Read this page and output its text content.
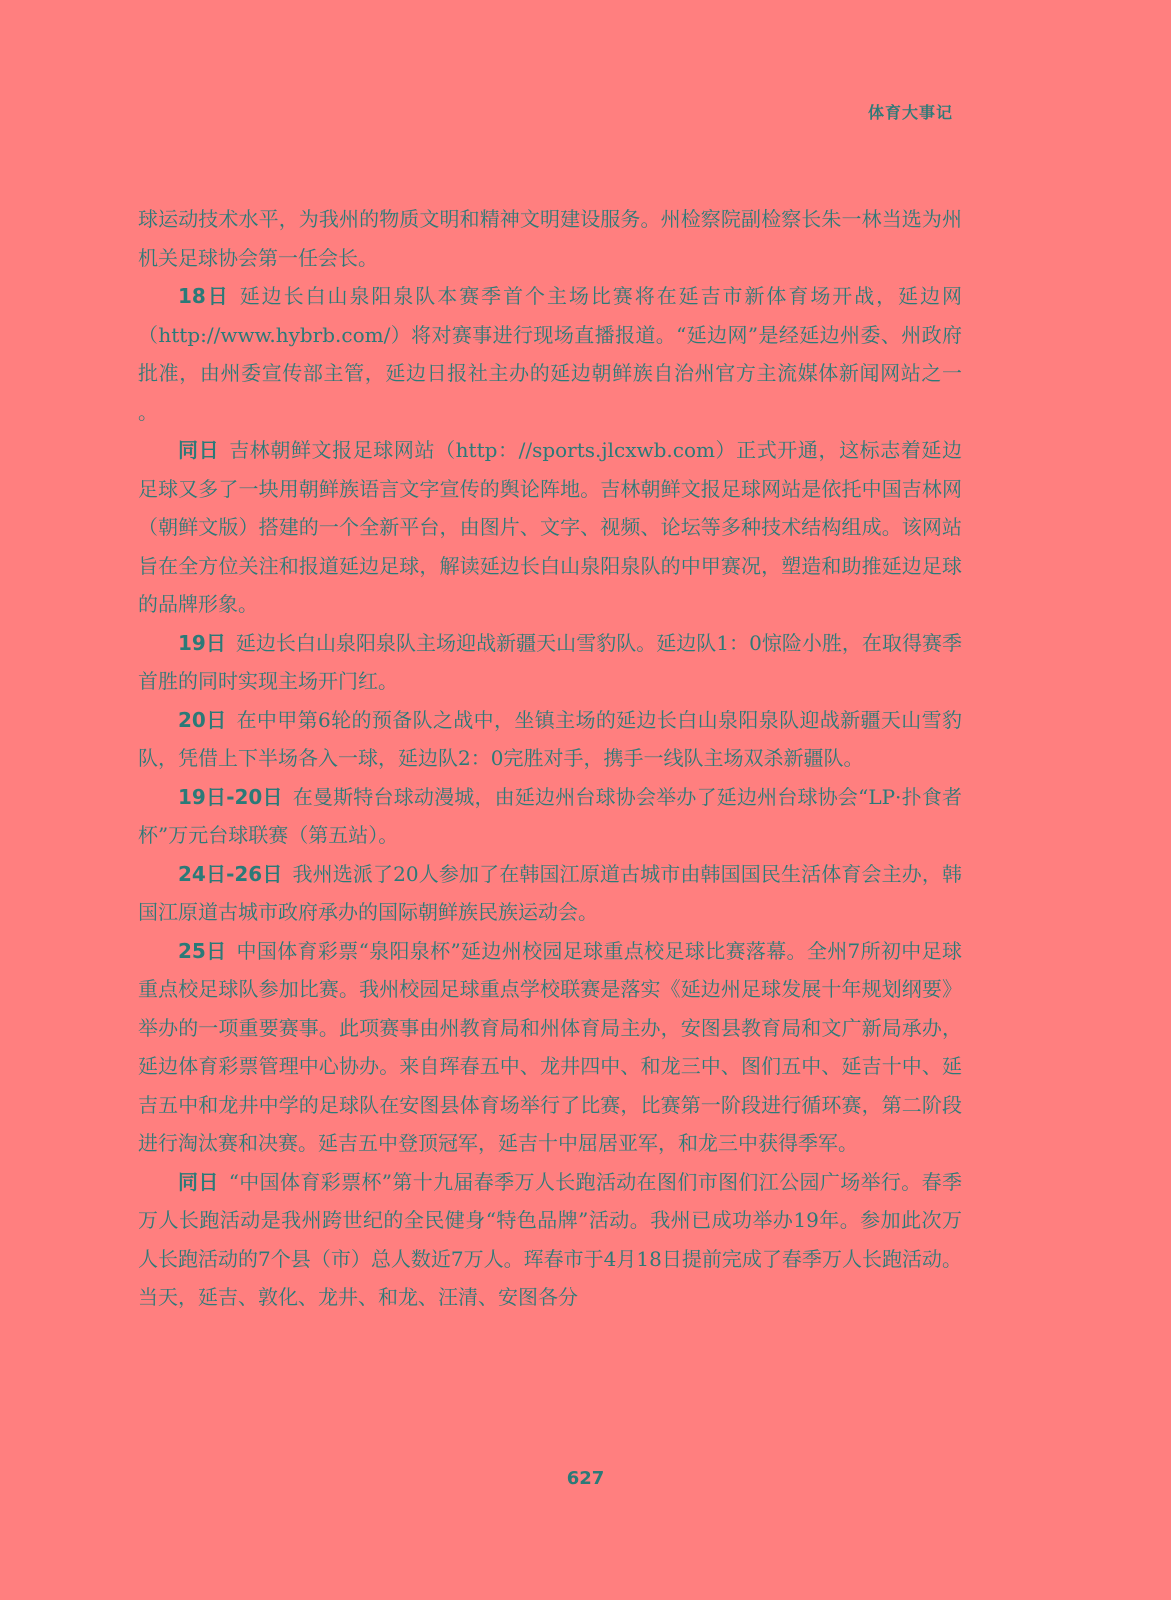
体育大事记

球运动技术水平，为我州的物质文明和精神文明建设服务。州检察院副检察长朱一林当选为州机关足球协会第一任会长。

18日 延边长白山泉阳泉队本赛季首个主场比赛将在延吉市新体育场开战，延边网（http://www.hybrb.com/）将对赛事进行现场直播报道。“延边网”是经延边州委、州政府批准，由州委宣传部主管，延边日报社主办的延边朝鲜族自治州官方主流媒体新闻网站之一 。

同日 吉林朝鲜文报足球网站（http：//sports.jlcxwb.com）正式开通，这标志着延边足球又多了一块用朝鲜族语言文字宣传的舆论阵地。吉林朝鲜文报足球网站是依托中国吉林网（朝鲜文版）搭建的一个全新平台，由图片、文字、视频、论坛等多种技术结构组成。该网站旨在全方位关注和报道延边足球，解读延边长白山泉阳泉队的中甲赛况，塑造和助推延边足球的品牌形象。

19日 延边长白山泉阳泉队主场迎战新疆天山雪豹队。延边队1：0惊险小胜，在取得赛季首胜的同时实现主场开门红。

20日 在中甲第6轮的预备队之战中，坐镇主场的延边长白山泉阳泉队迎战新疆天山雪豹队，凭借上下半场各入一球，延边队2：0完胜对手，携手一线队主场双杀新疆队。

19日-20日 在曼斯特台球动漫城，由延边州台球协会举办了延边州台球协会“LP·扑食者杯”万元台球联赛（第五站）。

24日-26日 我州选派了20人参加了在韩国江原道古城市由韩国国民生活体育会主办，韩国江原道古城市政府承办的国际朝鲜族民族运动会。

25日 中国体育彩票“泉阳泉杯”延边州校园足球重点校足球比赛落幕。全州7所初中足球重点校足球队参加比赛。我州校园足球重点学校联赛是落实《延边州足球发展十年规划纲要》举办的一项重要赛事。此项赛事由州教育局和州体育局主办，安图县教育局和文广新局承办，延边体育彩票管理中心协办。来自珲春五中、龙井四中、和龙三中、图们五中、延吉十中、延吉五中和龙井中学的足球队在安图县体育场举行了比赛，比赛第一阶段进行循环赛，第二阶段进行淘汰赛和决赛。延吉五中登顶冠军，延吉十中屈居亚军，和龙三中获得季军。

同日 “中国体育彩票杯”第十九届春季万人长跑活动在图们市图们江公园广场举行。春季万人长跑活动是我州跨世纪的全民健身“特色品牌”活动。我州已成功举办19年。参加此次万人长跑活动的7个县（市）总人数近7万人。珲春市于4月18日提前完成了春季万人长跑活动。当天，延吉、敦化、龙井、和龙、汪清、安图各分

627
